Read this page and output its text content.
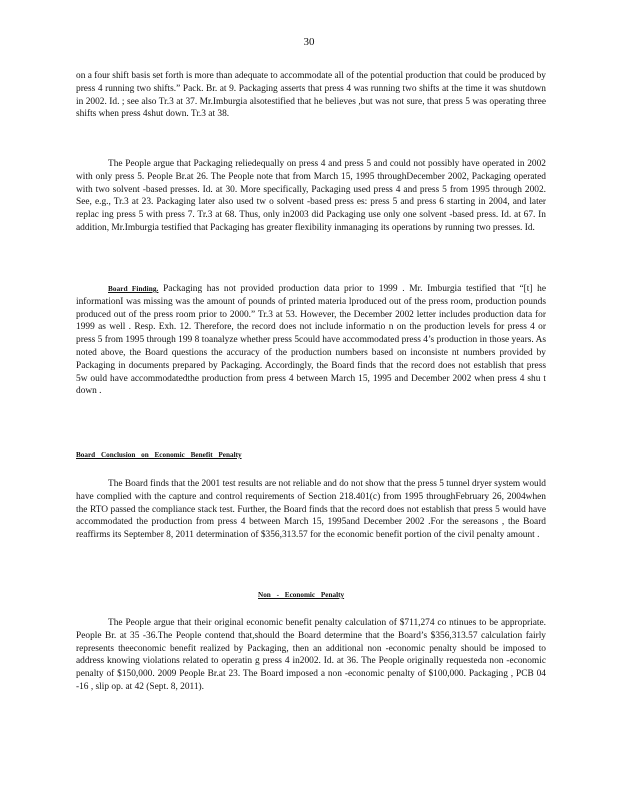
30

on a four shift basis set forth is more than adequate to accommodate all of the potential production that could be produced by press 4 running two shifts.” Pack. Br. at 9. Packaging asserts that press 4 was running two shifts at the time it was shutdown in 2002. Id. ; see also Tr.3 at 37. Mr.Imburgia alsotestified that he believes ,but was not sure, that press 5 was operating three shifts when press 4shut down. Tr.3 at 38.

The People argue that Packaging reliedequally on press 4 and press 5 and could not possibly have operated in 2002 with only press 5. People Br.at 26. The People note that from March 15, 1995 throughDecember 2002, Packaging operated with two solvent -based presses. Id. at 30. More specifically, Packaging used press 4 and press 5 from 1995 through 2002. See, e.g., Tr.3 at 23. Packaging later also used tw o solvent -based press es: press 5 and press 6 starting in 2004, and later replac ing press 5 with press 7. Tr.3 at 68. Thus, only in2003 did Packaging use only one solvent -based press. Id. at 67. In addition, Mr.Imburgia testified that Packaging has greater flexibility inmanaging its operations by running two presses. Id.

Board Finding. Packaging has not provided production data prior to 1999 . Mr. Imburgia testified that “[t] he informationI was missing was the amount of pounds of printed materia lproduced out of the press room, production pounds produced out of the press room prior to 2000.” Tr.3 at 53. However, the December 2002 letter includes production data for 1999 as well . Resp. Exh. 12. Therefore, the record does not include informatio n on the production levels for press 4 or press 5 from 1995 through 199 8 toanalyze whether press 5could have accommodated press 4’s production in those years. As noted above, the Board questions the accuracy of the production numbers based on inconsiste nt numbers provided by Packaging in documents prepared by Packaging. Accordingly, the Board finds that the record does not establish that press 5w ould have accommodatedthe production from press 4 between March 15, 1995 and December 2002 when press 4 shu t down .

Board Conclusion on Economic Benefit Penalty

The Board finds that the 2001 test results are not reliable and do not show that the press 5 tunnel dryer system would have complied with the capture and control requirements of Section 218.401(c) from 1995 throughFebruary 26, 2004when the RTO passed the compliance stack test. Further, the Board finds that the record does not establish that press 5 would have accommodated the production from press 4 between March 15, 1995and December 2002 .For the sereasons , the Board reaffirms its September 8, 2011 determination of $356,313.57 for the economic benefit portion of the civil penalty amount .

Non - Economic Penalty

The People argue that their original economic benefit penalty calculation of $711,274 co ntinues to be appropriate. People Br. at 35 -36.The People contend that,should the Board determine that the Board’s $356,313.57 calculation fairly represents theeconomic benefit realized by Packaging, then an additional non -economic penalty should be imposed to address knowing violations related to operatin g press 4 in2002. Id. at 36. The People originally requesteda non -economic penalty of $150,000. 2009 People Br.at 23. The Board imposed a non -economic penalty of $100,000. Packaging , PCB 04 -16 , slip op. at 42 (Sept. 8, 2011).
